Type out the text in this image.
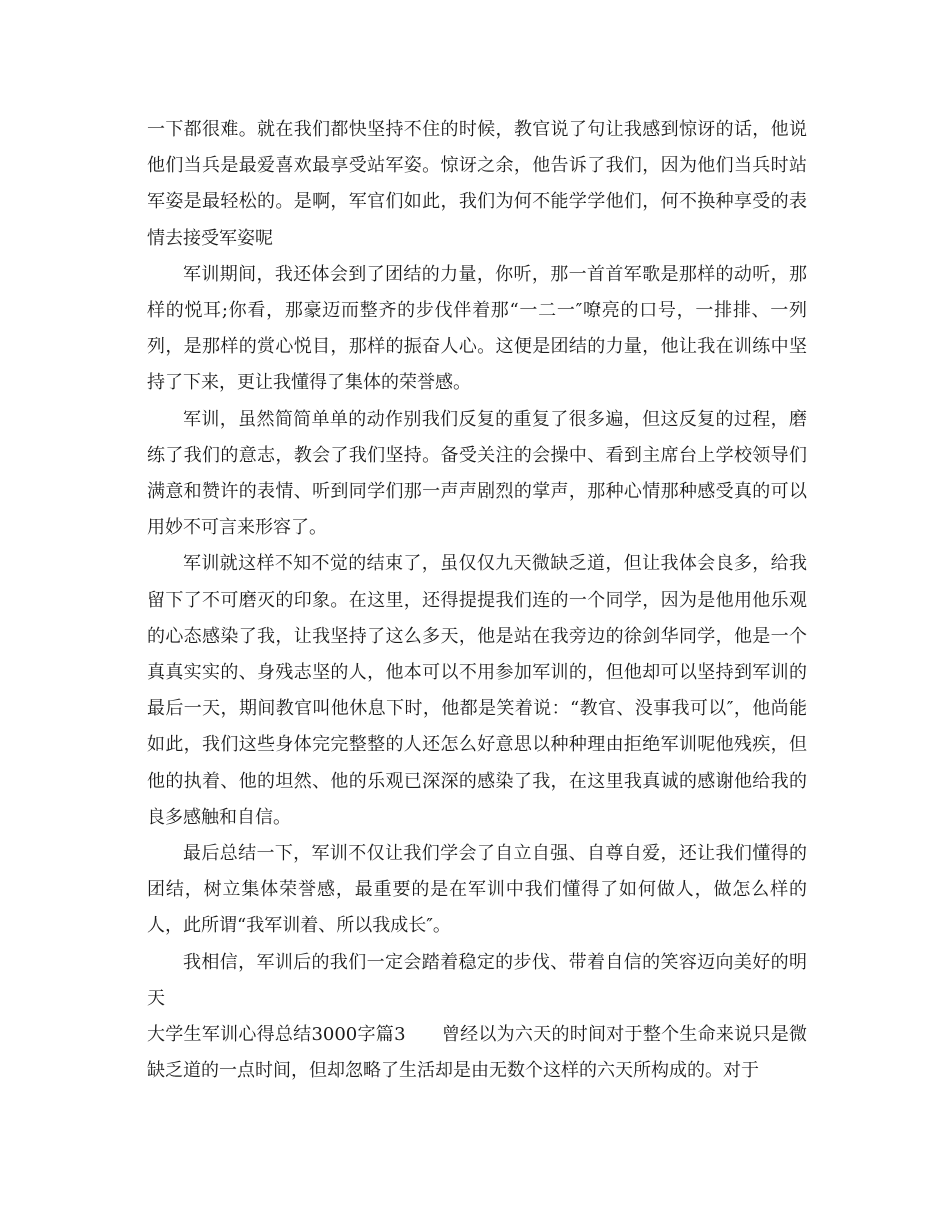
一下都很难。就在我们都快坚持不住的时候，教官说了句让我感到惊讶的话，他说他们当兵是最爱喜欢最享受站军姿。惊讶之余，他告诉了我们，因为他们当兵时站军姿是最轻松的。是啊，军官们如此，我们为何不能学学他们，何不换种享受的表情去接受军姿呢

军训期间，我还体会到了团结的力量，你听，那一首首军歌是那样的动听，那样的悦耳;你看，那豪迈而整齐的步伐伴着那“一二一″嘹亮的口号，一排排、一列列，是那样的赏心悦目，那样的振奋人心。这便是团结的力量，他让我在训练中坚持了下来，更让我懂得了集体的荣誉感。

军训，虽然简简单单的动作别我们反复的重复了很多遍，但这反复的过程，磨练了我们的意志，教会了我们坚持。备受关注的会操中、看到主席台上学校领导们满意和赞许的表情、听到同学们那一声声剧烈的掌声，那种心情那种感受真的可以用妙不可言来形容了。

军训就这样不知不觉的结束了，虽仅仅九天微缺乏道，但让我体会良多，给我留下了不可磨灭的印象。在这里，还得提提我们连的一个同学，因为是他用他乐观的心态感染了我，让我坚持了这么多天，他是站在我旁边的徐剑华同学，他是一个真真实实的、身残志坚的人，他本可以不用参加军训的，但他却可以坚持到军训的最后一天，期间教官叫他休息下时，他都是笑着说：“教官、没事我可以″，他尚能如此，我们这些身体完完整整的人还怎么好意思以种种理由拒绝军训呢他残疾，但他的执着、他的坦然、他的乐观已深深的感染了我，在这里我真诚的感谢他给我的良多感触和自信。

最后总结一下，军训不仅让我们学会了自立自强、自尊自爱，还让我们懂得的团结，树立集体荣誉感，最重要的是在军训中我们懂得了如何做人，做怎么样的人，此所谓“我军训着、所以我成长″。

我相信，军训后的我们一定会踏着稳定的步伐、带着自信的笑容迈向美好的明天

大学生军训心得总结3000字篇3 曾经以为六天的时间对于整个生命来说只是微缺乏道的一点时间，但却忽略了生活却是由无数个这样的六天所构成的。对于
